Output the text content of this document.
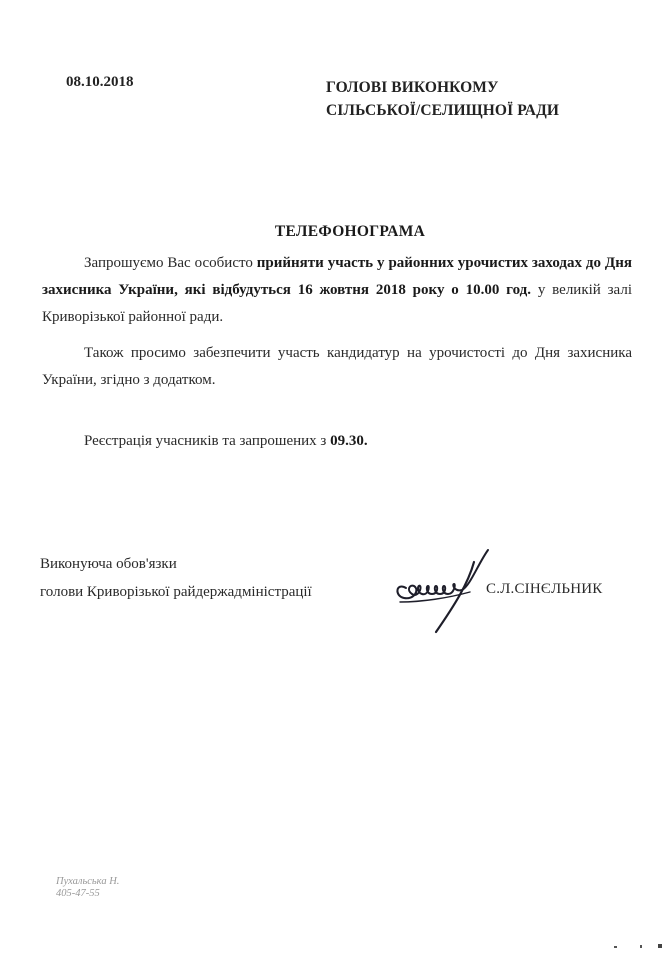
08.10.2018	ГОЛОВІ ВИКОНКОМУ
СІЛЬСЬКОЇ/СЕЛИЩНОЇ РАДИ
ТЕЛЕФОНОГРАМА
Запрошуємо Вас особисто прийняти участь у районних урочистих заходах до Дня захисника України, які відбудуться 16 жовтня 2018 року о 10.00 год. у великій залі Криворізької районної ради.
Також просимо забезпечити участь кандидатур на урочистості до Дня захисника України, згідно з додатком.
Реєстрація учасників та запрошених з 09.30.
Виконуюча обов'язки
голови Криворізької райдержадміністрації	С.Л.СІНЄЛЬНИК
Пухальська Н.
405-47-55
